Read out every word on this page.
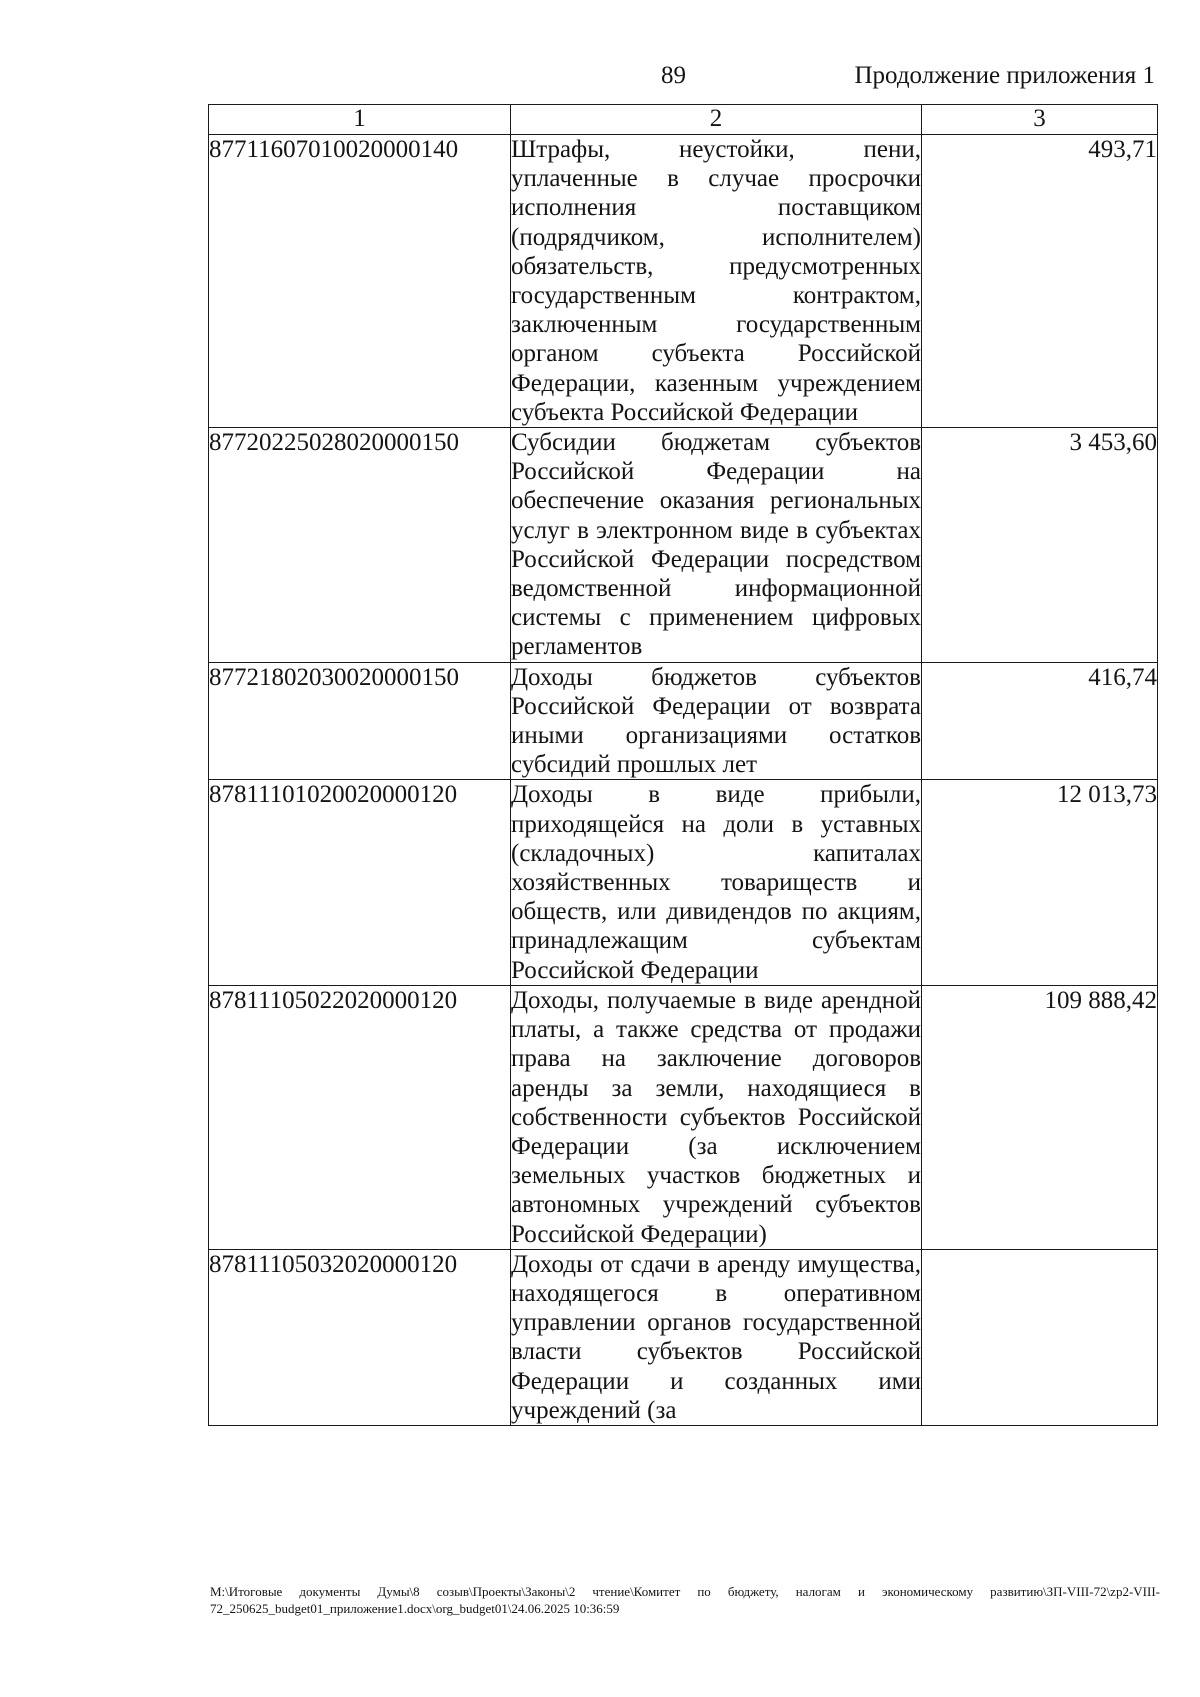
89	Продолжение приложения 1
1	2	3
87711607010020000140	Штрафы, неустойки, пени, уплаченные в случае просрочки исполнения поставщиком (подрядчиком, исполнителем) обязательств, предусмотренных государственным контрактом, заключенным государственным органом субъекта Российской Федерации, казенным учреждением субъекта Российской Федерации	493,71
87720225028020000150	Субсидии бюджетам субъектов Российской Федерации на обеспечение оказания региональных услуг в электронном виде в субъектах Российской Федерации посредством ведомственной информационной системы с применением цифровых регламентов	3 453,60
87721802030020000150	Доходы бюджетов субъектов Российской Федерации от возврата иными организациями остатков субсидий прошлых лет	416,74
87811101020020000120	Доходы в виде прибыли, приходящейся на доли в уставных (складочных) капиталах хозяйственных товариществ и обществ, или дивидендов по акциям, принадлежащим субъектам Российской Федерации	12 013,73
87811105022020000120	Доходы, получаемые в виде арендной платы, а также средства от продажи права на заключение договоров аренды за земли, находящиеся в собственности субъектов Российской Федерации (за исключением земельных участков бюджетных и автономных учреждений субъектов Российской Федерации)	109 888,42
87811105032020000120	Доходы от сдачи в аренду имущества, находящегося в оперативном управлении органов государственной власти субъектов Российской Федерации и созданных ими учреждений (за	
M:\Итоговые документы Думы\8 созыв\Проекты\Законы\2 чтение\Комитет по бюджету, налогам и экономическому развитию\ЗП-VIII-72\zp2-VIII-72_250625_budget01_приложение1.docx\org_budget01\24.06.2025 10:36:59
